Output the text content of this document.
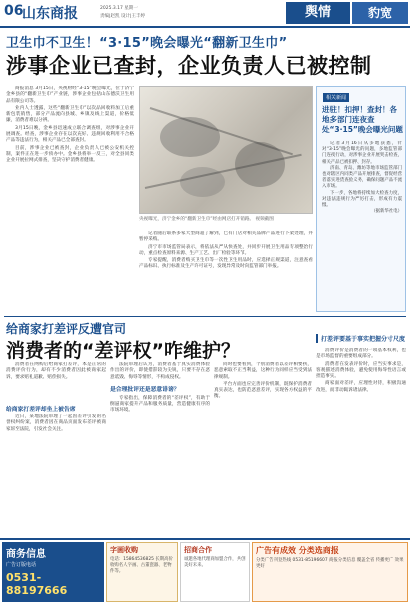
06
山东商报	2025.3.17 星期一
责编|赵凯 设计|王丰婷	舆情	豹宽
卫生巾不卫生！“3·15”晚会曝光“翻新卫生巾”
涉事企业已查封，企业负责人已被控制

商报消息 3月15日，央视财经“3·15”晚会曝光，位于济宁金乡县的“翻新卫生巾”产业链，涉事企业包括山东德沃卫生用品有限公司等。

业内人士透露，这些“翻新卫生巾”以次品回收料加工后重新包装销售，部分产品流向县城、乡镇及线上渠道，价格低廉，消费者难以分辨。

3月15日晚，金乡县迅速成立联合调查组，对涉事企业开展调查。经查，涉事企业存在以次充好、违规回收利用不合格产品等违法行为，相关产品已全部查封。

目前，涉事企业已被查封，企业负责人已被公安机关控制，案件正在进一步侦办中。金乡县将举一反三，对全县同类企业开展拉网式排查，坚决守护消费者健康。

央视曝光，济宁金乡的“翻新卫生巾”经由网店打开销路。 视频截图

记者随后联系多家大型商超了解到，已有门店对相关品牌产品进行下架处理，并暂停采购。

济宁市市场监管局表示，将依法从严从快查处，并同步开展卫生用品专项整治行动，重点检查原料来源、生产工艺、出厂检验等环节。

专家提醒，消费者购买卫生巾等一次性卫生用品时，应选择正规渠道，注意查看产品标识、执行标准及生产许可证号，发现异常及时向监管部门举报。

相关新闻
进驻！扣押！查封！各地多部门连夜查处“3·15”晚会曝光问题

记者3月16日从多地获悉，针对“3·15”晚会曝光的问题，多地监管部门连夜行动，对涉事企业开展突击检查，相关产品已被扣押、封存。

济南、青岛、潍坊等地市场监管部门也对辖区内同类产品开展排查，督促经营者落实进货查验义务，确保问题产品不流入市场。

下一步，各地将持续加大检查力度，对违法违规行为严厉打击，形成有力震慑。

（据新华社电）
给商家打差评反遭官司
消费者的“差评权”咋维护？

消费者在网购后给商家打差评，本是正常的消费评价行为，却有不少消费者因此被商家起诉，要求赔礼道歉、赔偿损失。

给商家打差评却坐上被告席

近日，某地法院审理了一起因差评引发的名誉权纠纷案，消费者因在商品页面发布差评被商家诉至法院，引发社会关注。

法院审理后认为，消费者基于真实消费体验作出的评价，即使措辞较为尖锐，只要不存在恶意诋毁、侮辱等情形，不构成侵权。

是合理批评还是恶意诽谤？

专家指出，保障消费者的“差评权”，有助于倒逼商家提升产品和服务质量，营造健康有序的市场环境。

同时也要看到，个别消费者以差评相要挟，恶意索取不正当利益，这种行为同样应当受到法律规制。

平台方面也应完善评价机制，既保护消费者真实表达，也防范恶意差评，实现各方权益的平衡。

打差评要基于事实把握分寸尺度

消费评价是消费者的一项基本权利，也是市场监督的重要组成部分。

消费者在发表评价时，应当实事求是，客观描述消费体验，避免使用侮辱性语言或捏造事实。

商家面对差评，应理性对待，积极沟通改进，而非动辄诉诸法律。

商务信息
广告订版电话
0531-88197666
字画收购
电话：15864536825 长期高价收购名人字画、古董瓷器、老物件等。
招商合作
诚邀各地代理商加盟合作，共创美好未来。
广告有成效 分类选商报
分类广告刊登热线 0531-85196607 商报分类信息 覆盖全省 传播更广 效果更好
